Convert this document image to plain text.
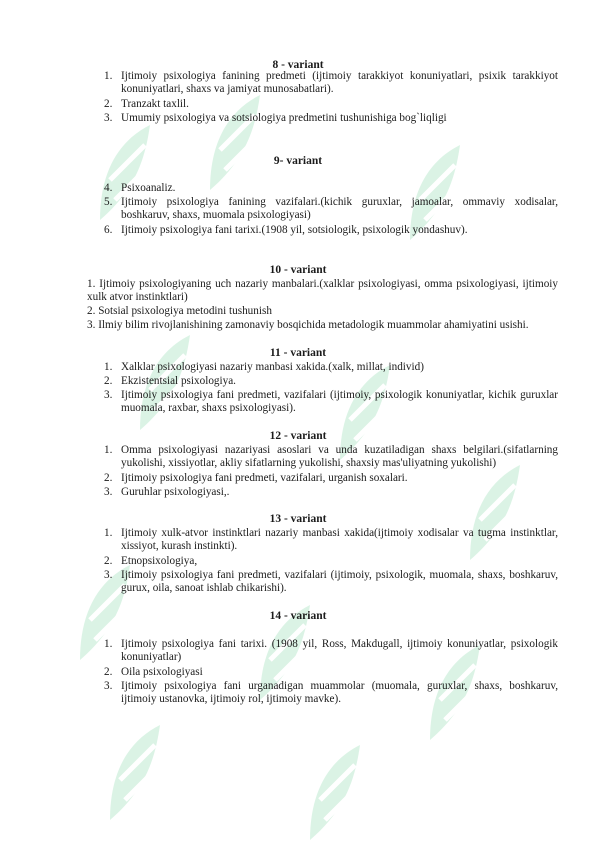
8 - variant
1. Ijtimoiy psixologiya fanining predmeti (ijtimoiy tarakkiyot konuniyatlari, psixik tarakkiyot konuniyatlari, shaxs va jamiyat munosabatlari).
2. Tranzakt taxlil.
3. Umumiy psixologiya va sotsiologiya predmetini tushunishiga bog`liqligi
9- variant
4. Psixoanaliz.
5. Ijtimoiy psixologiya fanining vazifalari.(kichik guruxlar, jamoalar, ommaviy xodisalar, boshkaruv, shaxs, muomala psixologiyasi)
6. Ijtimoiy psixologiya fani tarixi.(1908 yil, sotsiologik, psixologik yondashuv).
10 - variant
1. Ijtimoiy psixologiyaning uch nazariy manbalari.(xalklar psixologiyasi, omma psixologiyasi, ijtimoiy xulk atvor instinktlari)
2. Sotsial psixologiya metodini tushunish
3. Ilmiy bilim rivojlanishining zamonaviy bosqichida metadologik muammolar ahamiyatini usishi.
11 - variant
1. Xalklar psixologiyasi nazariy manbasi xakida.(xalk, millat, individ)
2. Ekzistentsial psixologiya.
3. Ijtimoiy psixologiya fani predmeti, vazifalari (ijtimoiy, psixologik konuniyatlar, kichik guruxlar muomala, raxbar, shaxs psixologiyasi).
12 - variant
1. Omma psixologiyasi nazariyasi asoslari va unda kuzatiladigan shaxs belgilari.(sifatlarning yukolishi, xissiyotlar, akliy sifatlarning yukolishi, shaxsiy mas'uliyatning yukolishi)
2. Ijtimoiy psixologiya fani predmeti, vazifalari, urganish soxalari.
3. Guruhlar psixologiyasi,.
13 - variant
1. Ijtimoiy xulk-atvor instinktlari nazariy manbasi xakida(ijtimoiy xodisalar va tugma instinktlar, xissiyot, kurash instinkti).
2. Etnopsixologiya,
3. Ijtimoiy psixologiya fani predmeti, vazifalari (ijtimoiy, psixologik, muomala, shaxs, boshkaruv, gurux, oila, sanoat ishlab chikarishi).
14 - variant
1. Ijtimoiy psixologiya fani tarixi. (1908 yil, Ross, Makdugall, ijtimoiy konuniyatlar, psixologik konuniyatlar)
2. Oila psixologiyasi
3. Ijtimoiy psixologiya fani urganadigan muammolar (muomala, guruxlar, shaxs, boshkaruv, ijtimoiy ustanovka, ijtimoiy rol, ijtimoiy mavke).
